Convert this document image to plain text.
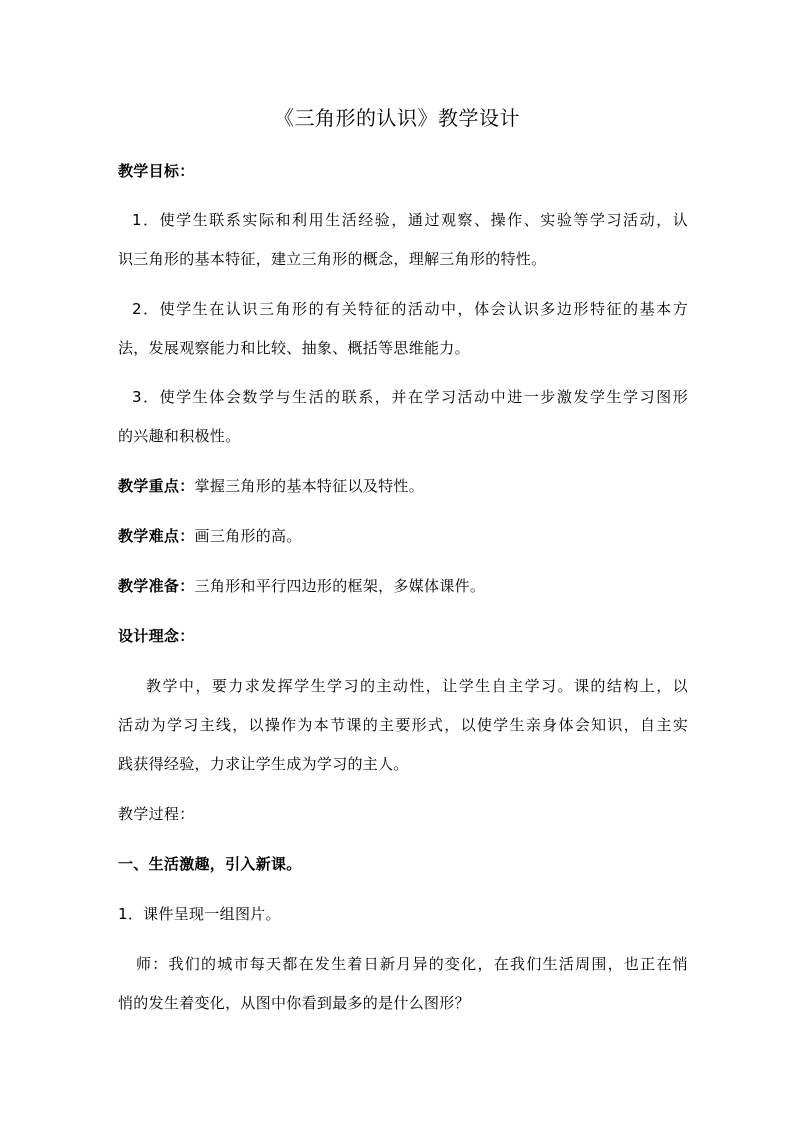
《三角形的认识》教学设计
教学目标：
1．使学生联系实际和利用生活经验，通过观察、操作、实验等学习活动，认
识三角形的基本特征，建立三角形的概念，理解三角形的特性。
2．使学生在认识三角形的有关特征的活动中，体会认识多边形特征的基本方
法，发展观察能力和比较、抽象、概括等思维能力。
3．使学生体会数学与生活的联系，并在学习活动中进一步激发学生学习图形
的兴趣和积极性。
教学重点：掌握三角形的基本特征以及特性。
教学难点：画三角形的高。
教学准备：三角形和平行四边形的框架，多媒体课件。
设计理念：
教学中，要力求发挥学生学习的主动性，让学生自主学习。课的结构上，以
活动为学习主线，以操作为本节课的主要形式，以使学生亲身体会知识，自主实
践获得经验，力求让学生成为学习的主人。
教学过程：
一、生活激趣，引入新课。
1．课件呈现一组图片。
师：我们的城市每天都在发生着日新月异的变化，在我们生活周围，也正在悄
悄的发生着变化，从图中你看到最多的是什么图形？
